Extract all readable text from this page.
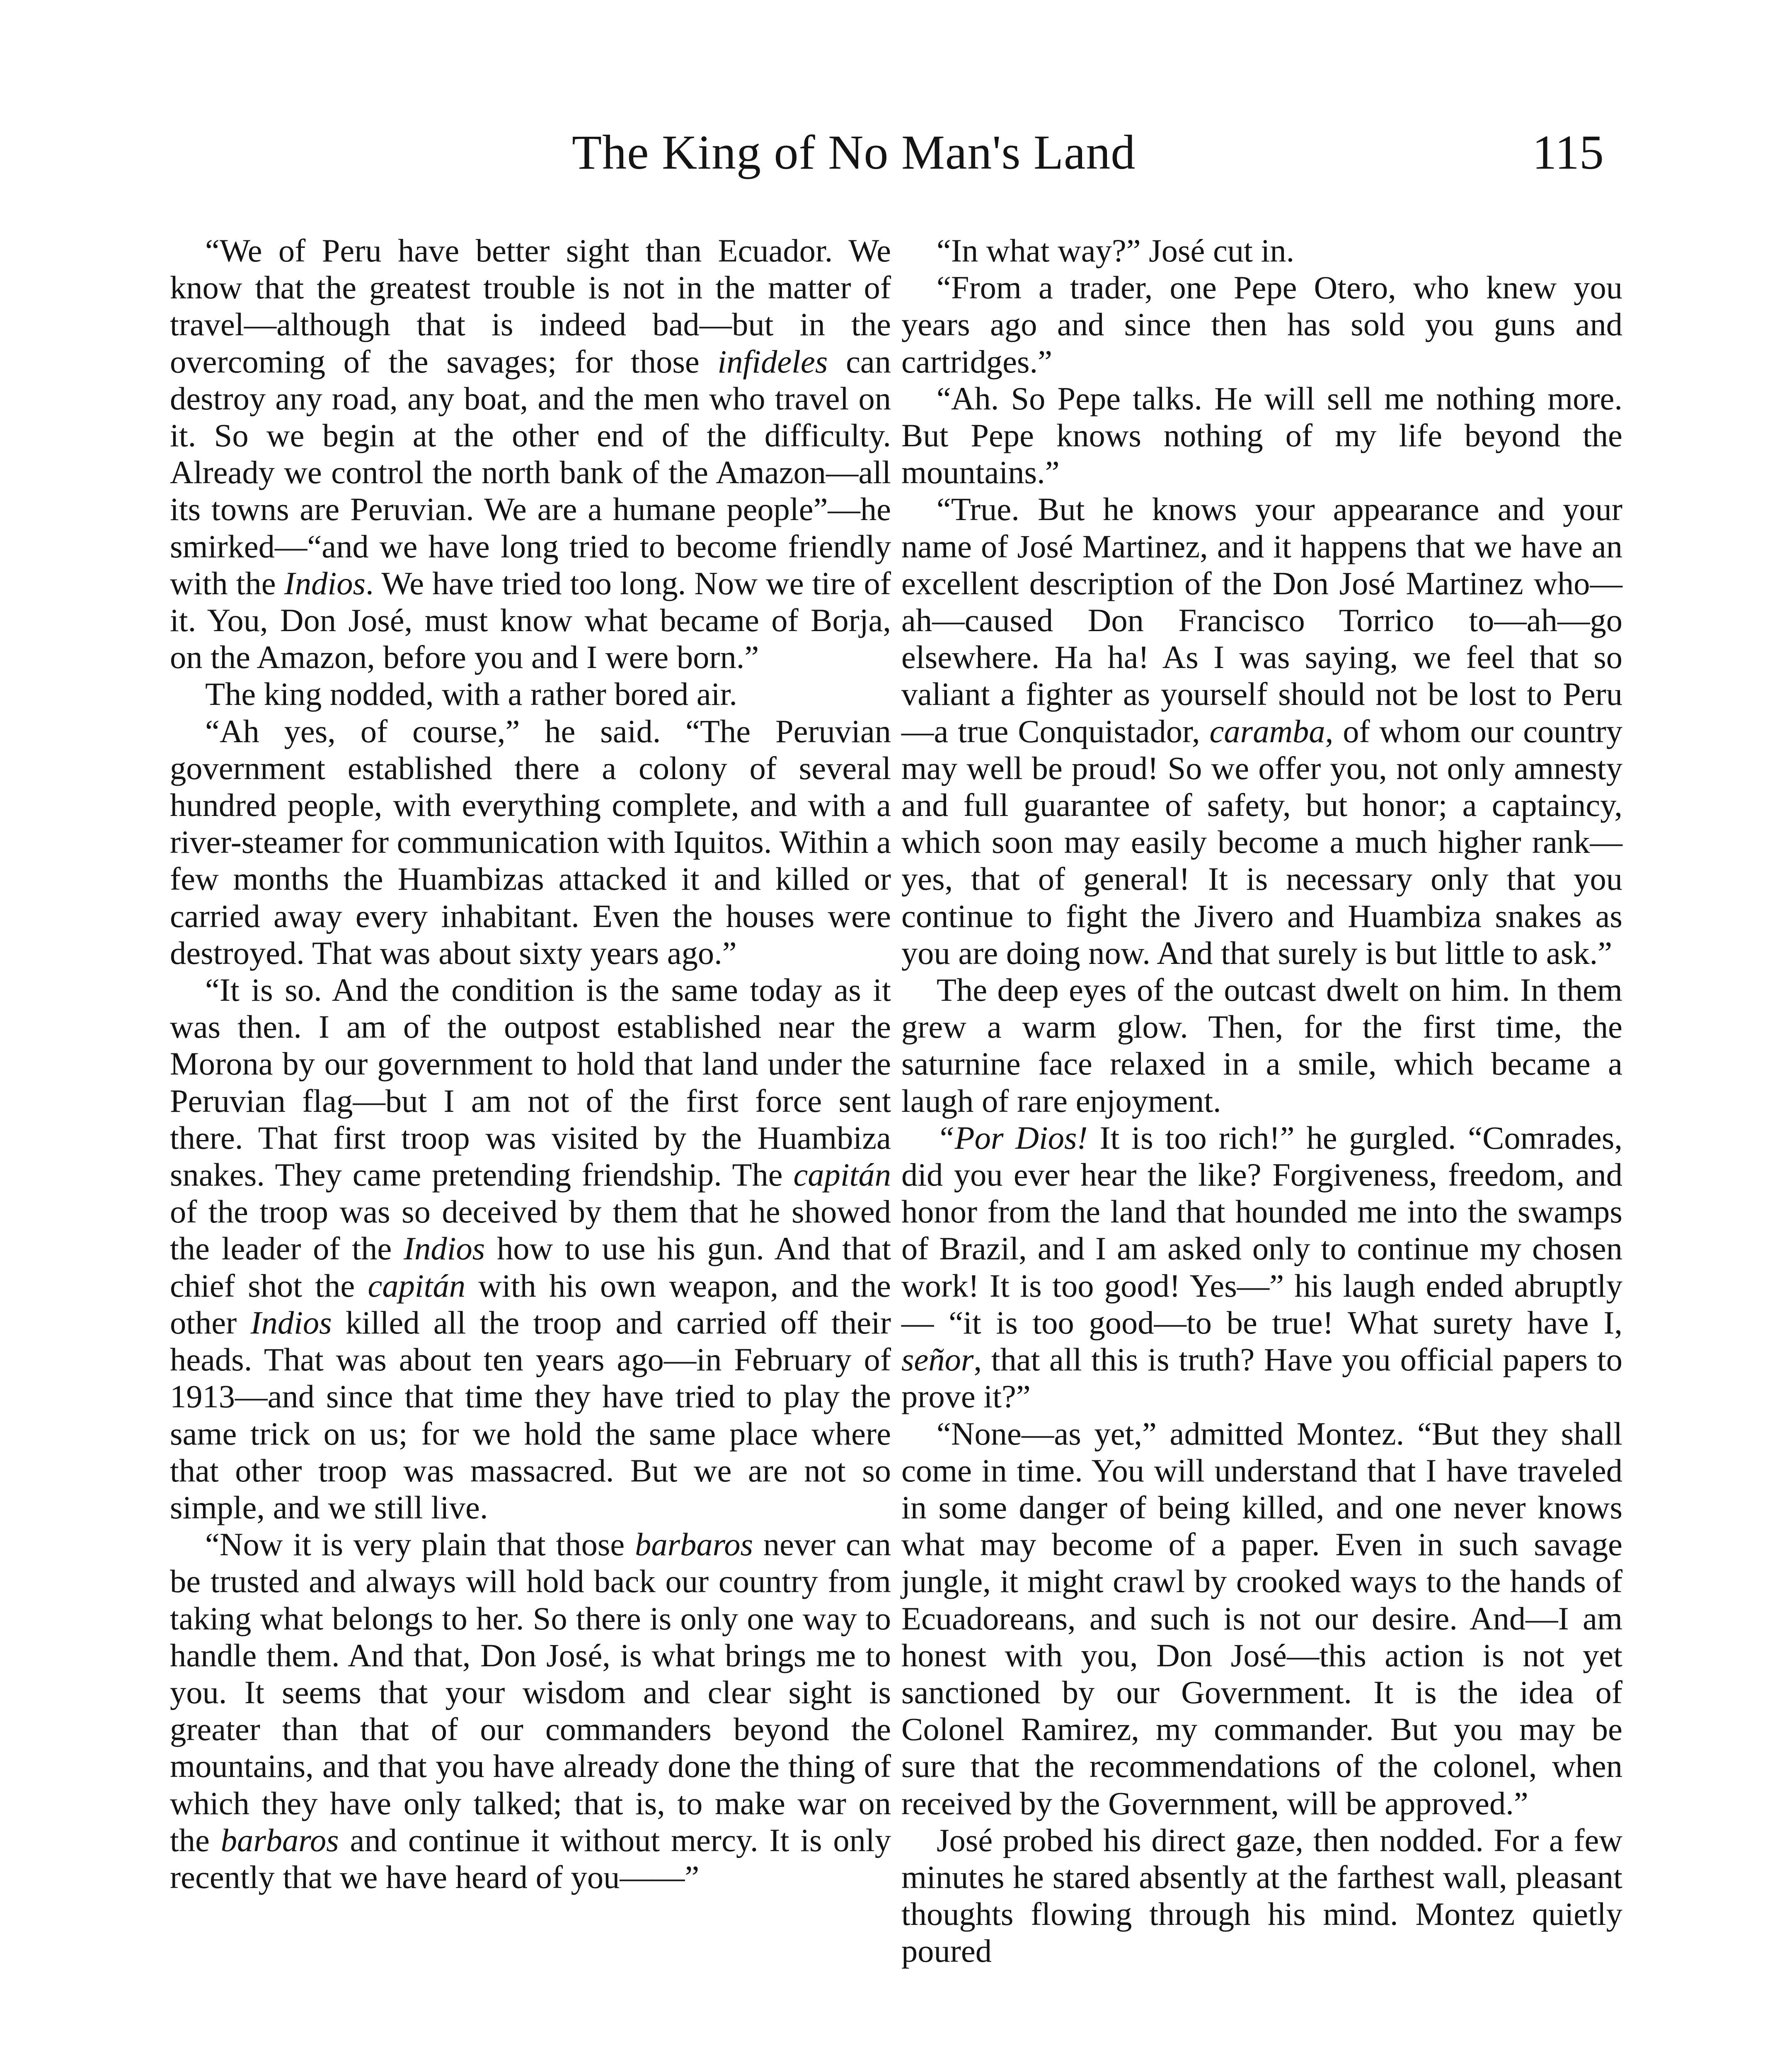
The King of No Man's Land	115

“We of Peru have better sight than Ecuador. We know that the greatest trouble is not in the matter of travel—although that is indeed bad—but in the overcoming of the savages; for those infideles can destroy any road, any boat, and the men who travel on it. So we begin at the other end of the difficulty. Already we control the north bank of the Amazon—all its towns are Peruvian. We are a humane people”—he smirked—“and we have long tried to become friendly with the Indios. We have tried too long. Now we tire of it. You, Don José, must know what became of Borja, on the Amazon, before you and I were born.”

The king nodded, with a rather bored air.

“Ah yes, of course,” he said. “The Peruvian government established there a colony of several hundred people, with everything complete, and with a river-steamer for communication with Iquitos. Within a few months the Huambizas attacked it and killed or carried away every inhabitant. Even the houses were destroyed. That was about sixty years ago.”

“It is so. And the condition is the same today as it was then. I am of the outpost established near the Morona by our government to hold that land under the Peruvian flag—but I am not of the first force sent there. That first troop was visited by the Huambiza snakes. They came pretending friendship. The capitán of the troop was so deceived by them that he showed the leader of the Indios how to use his gun. And that chief shot the capitán with his own weapon, and the other Indios killed all the troop and carried off their heads. That was about ten years ago—in February of 1913—and since that time they have tried to play the same trick on us; for we hold the same place where that other troop was massacred. But we are not so simple, and we still live.

“Now it is very plain that those barbaros never can be trusted and always will hold back our country from taking what belongs to her. So there is only one way to handle them. And that, Don José, is what brings me to you. It seems that your wisdom and clear sight is greater than that of our commanders beyond the mountains, and that you have already done the thing of which they have only talked; that is, to make war on the barbaros and continue it without mercy. It is only recently that we have heard of you——”

“In what way?” José cut in.

“From a trader, one Pepe Otero, who knew you years ago and since then has sold you guns and cartridges.”

“Ah. So Pepe talks. He will sell me nothing more. But Pepe knows nothing of my life beyond the mountains.”

“True. But he knows your appearance and your name of José Martinez, and it happens that we have an excellent description of the Don José Martinez who—ah—caused Don Francisco Torrico to—ah—go elsewhere. Ha ha! As I was saying, we feel that so valiant a fighter as yourself should not be lost to Peru—a true Conquistador, caramba, of whom our country may well be proud! So we offer you, not only amnesty and full guarantee of safety, but honor; a captaincy, which soon may easily become a much higher rank—yes, that of general! It is necessary only that you continue to fight the Jivero and Huambiza snakes as you are doing now. And that surely is but little to ask.”

The deep eyes of the outcast dwelt on him. In them grew a warm glow. Then, for the first time, the saturnine face relaxed in a smile, which became a laugh of rare enjoyment.

“Por Dios! It is too rich!” he gurgled. “Comrades, did you ever hear the like? Forgiveness, freedom, and honor from the land that hounded me into the swamps of Brazil, and I am asked only to continue my chosen work! It is too good! Yes—” his laugh ended abruptly— “it is too good—to be true! What surety have I, señor, that all this is truth? Have you official papers to prove it?”

“None—as yet,” admitted Montez. “But they shall come in time. You will understand that I have traveled in some danger of being killed, and one never knows what may become of a paper. Even in such savage jungle, it might crawl by crooked ways to the hands of Ecuadoreans, and such is not our desire. And—I am honest with you, Don José—this action is not yet sanctioned by our Government. It is the idea of Colonel Ramirez, my commander. But you may be sure that the recommendations of the colonel, when received by the Government, will be approved.”

José probed his direct gaze, then nodded. For a few minutes he stared absently at the farthest wall, pleasant thoughts flowing through his mind. Montez quietly poured
